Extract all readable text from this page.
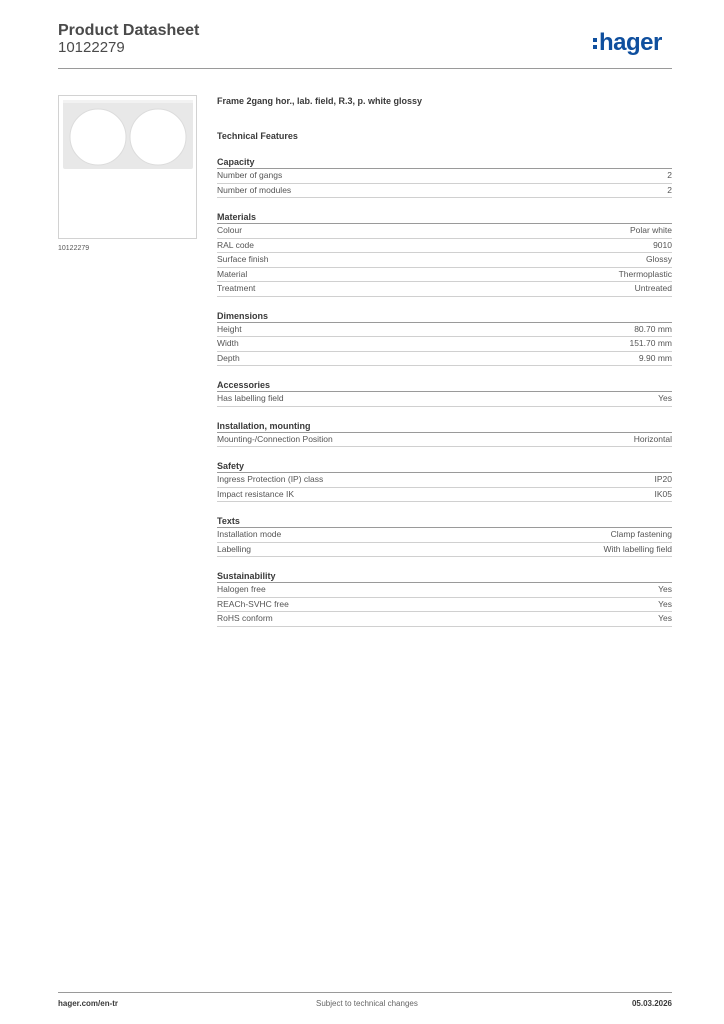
Product Datasheet
10122279	hager
10122279
Frame 2gang hor., lab. field, R.3, p. white glossy
Technical Features
Capacity
Number of gangs	2
Number of modules	2
Materials
Colour	Polar white
RAL code	9010
Surface finish	Glossy
Material	Thermoplastic
Treatment	Untreated
Dimensions
Height	80.70 mm
Width	151.70 mm
Depth	9.90 mm
Accessories
Has labelling field	Yes
Installation, mounting
Mounting-/Connection Position	Horizontal
Safety
Ingress Protection (IP) class	IP20
Impact resistance IK	IK05
Texts
Installation mode	Clamp fastening
Labelling	With labelling field
Sustainability
Halogen free	Yes
REACh-SVHC free	Yes
RoHS conform	Yes
hager.com/en-tr	Subject to technical changes	05.03.2026
